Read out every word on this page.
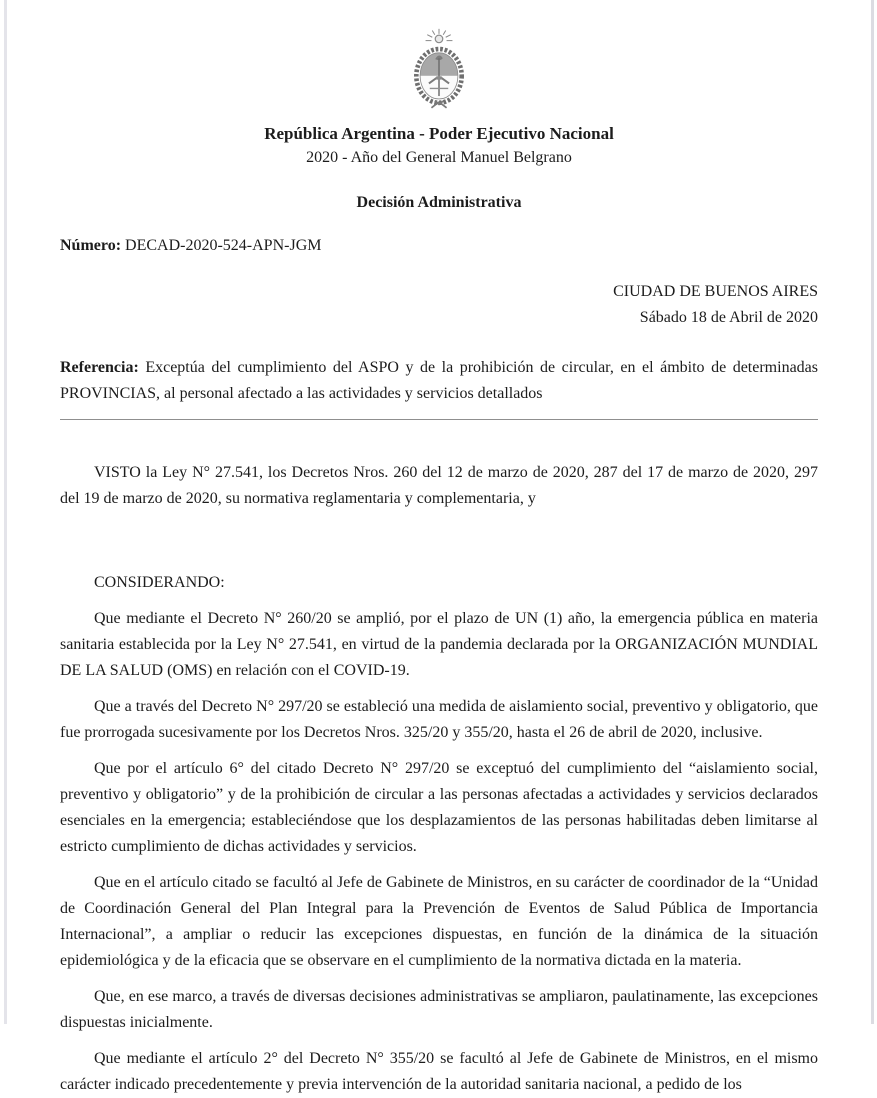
República Argentina - Poder Ejecutivo Nacional
2020 - Año del General Manuel Belgrano
Decisión Administrativa
Número: DECAD-2020-524-APN-JGM
CIUDAD DE BUENOS AIRES
Sábado 18 de Abril de 2020
Referencia: Exceptúa del cumplimiento del ASPO y de la prohibición de circular, en el ámbito de determinadas PROVINCIAS, al personal afectado a las actividades y servicios detallados

VISTO la Ley N° 27.541, los Decretos Nros. 260 del 12 de marzo de 2020, 287 del 17 de marzo de 2020, 297 del 19 de marzo de 2020, su normativa reglamentaria y complementaria, y

CONSIDERANDO:

Que mediante el Decreto N° 260/20 se amplió, por el plazo de UN (1) año, la emergencia pública en materia sanitaria establecida por la Ley N° 27.541, en virtud de la pandemia declarada por la ORGANIZACIÓN MUNDIAL DE LA SALUD (OMS) en relación con el COVID-19.

Que a través del Decreto N° 297/20 se estableció una medida de aislamiento social, preventivo y obligatorio, que fue prorrogada sucesivamente por los Decretos Nros. 325/20 y 355/20, hasta el 26 de abril de 2020, inclusive.

Que por el artículo 6° del citado Decreto N° 297/20 se exceptuó del cumplimiento del “aislamiento social, preventivo y obligatorio” y de la prohibición de circular a las personas afectadas a actividades y servicios declarados esenciales en la emergencia; estableciéndose que los desplazamientos de las personas habilitadas deben limitarse al estricto cumplimiento de dichas actividades y servicios.

Que en el artículo citado se facultó al Jefe de Gabinete de Ministros, en su carácter de coordinador de la “Unidad de Coordinación General del Plan Integral para la Prevención de Eventos de Salud Pública de Importancia Internacional”, a ampliar o reducir las excepciones dispuestas, en función de la dinámica de la situación epidemiológica y de la eficacia que se observare en el cumplimiento de la normativa dictada en la materia.

Que, en ese marco, a través de diversas decisiones administrativas se ampliaron, paulatinamente, las excepciones dispuestas inicialmente.

Que mediante el artículo 2° del Decreto N° 355/20 se facultó al Jefe de Gabinete de Ministros, en el mismo carácter indicado precedentemente y previa intervención de la autoridad sanitaria nacional, a pedido de los
